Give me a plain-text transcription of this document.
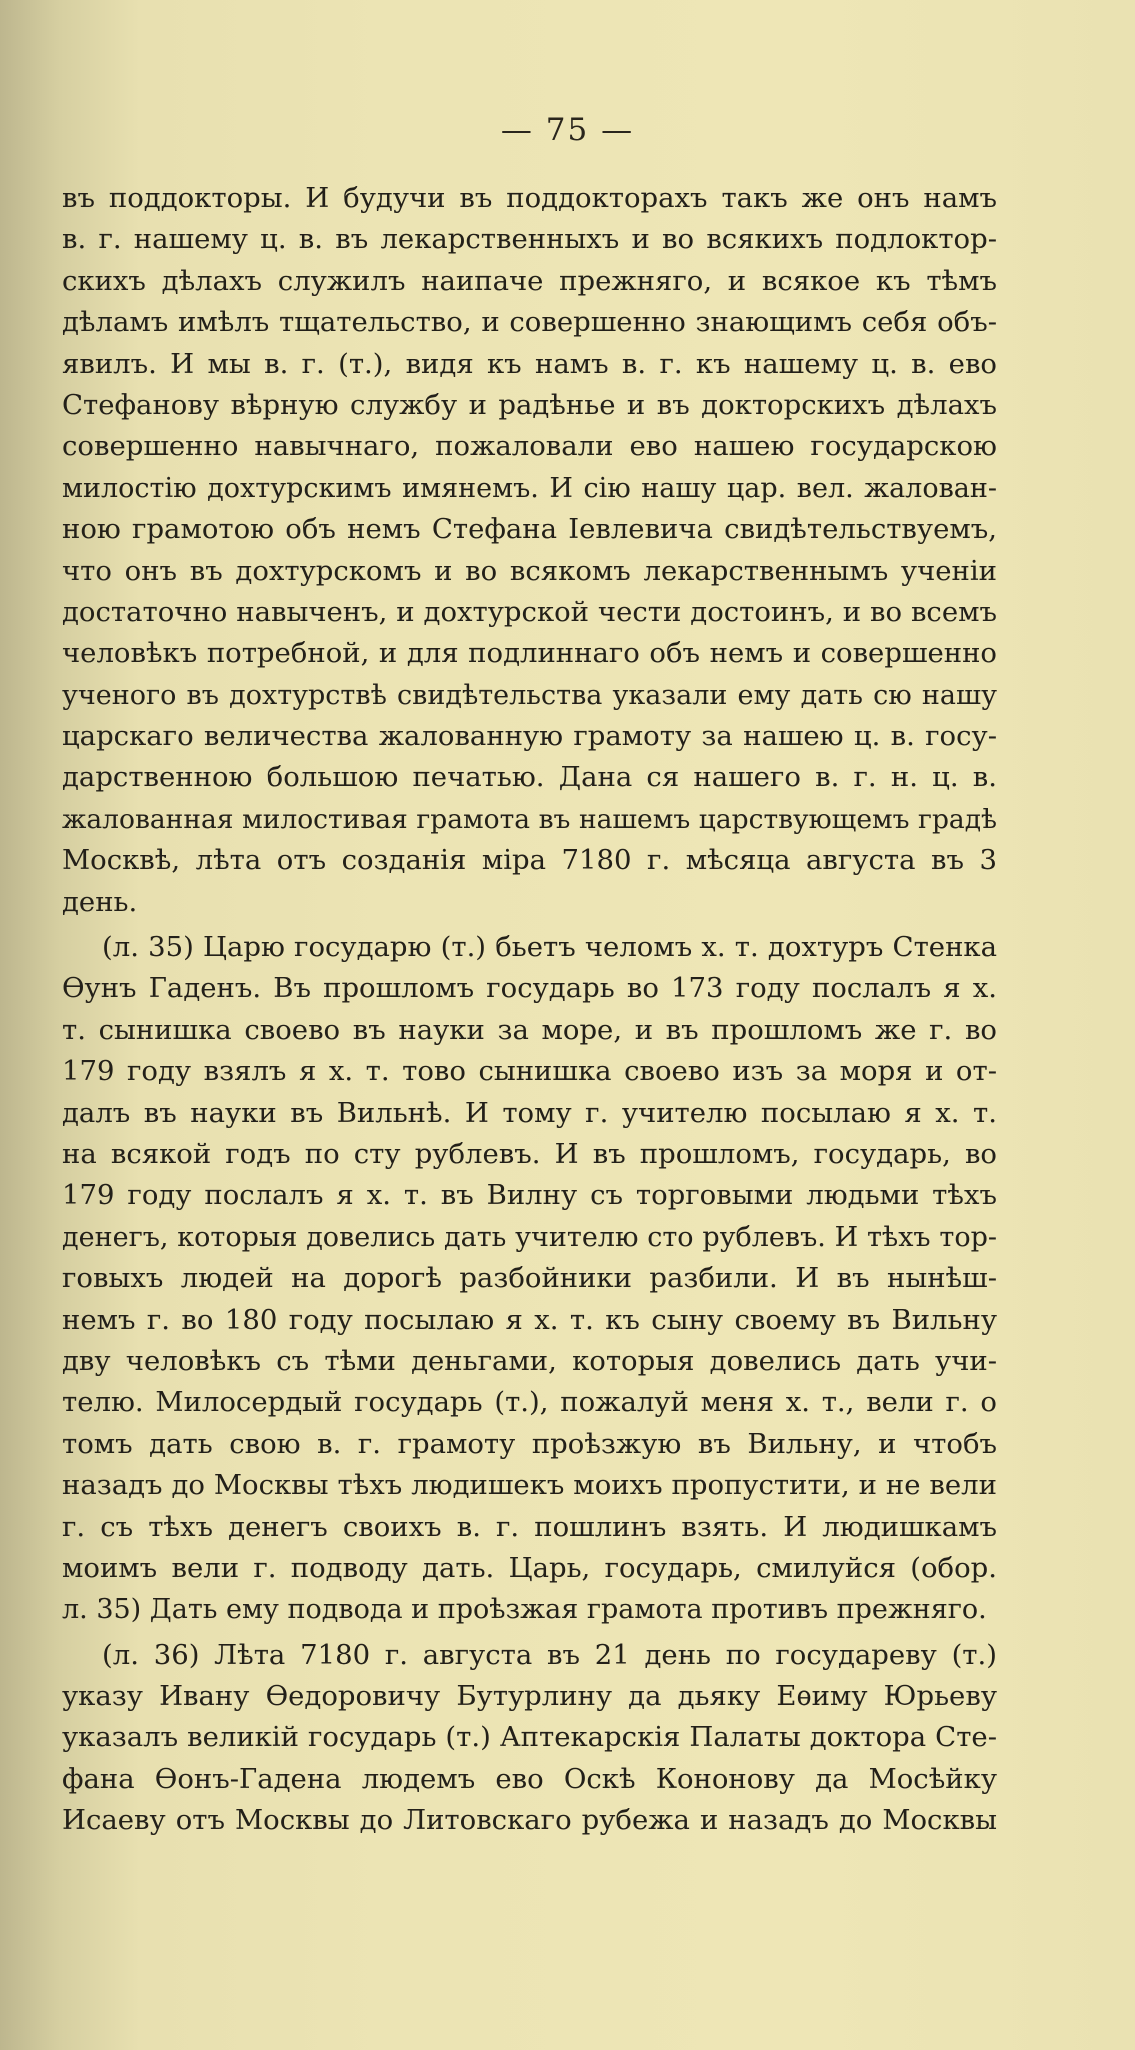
— 75 —
въ поддокторы. И будучи въ поддокторахъ такъ же онъ намъ
в. г. нашему ц. в. въ лекарственныхъ и во всякихъ подлоктор-
скихъ дѣлахъ служилъ наипаче прежняго, и всякое къ тѣмъ
дѣламъ имѣлъ тщательство, и совершенно знающимъ себя объ-
явилъ. И мы в. г. (т.), видя къ намъ в. г. къ нашему ц. в. ево
Стефанову вѣрную службу и радѣнье и въ докторскихъ дѣлахъ
совершенно навычнаго, пожаловали ево нашею государскою
милостію дохтурскимъ имянемъ. И сію нашу цар. вел. жалован-
ною грамотою объ немъ Стефана Іевлевича свидѣтельствуемъ,
что онъ въ дохтурскомъ и во всякомъ лекарственнымъ ученіи
достаточно навыченъ, и дохтурской чести достоинъ, и во всемъ
человѣкъ потребной, и для подлиннаго объ немъ и совершенно
ученого въ дохтурствѣ свидѣтельства указали ему дать сю нашу
царскаго величества жалованную грамоту за нашею ц. в. госу-
дарственною большою печатью. Дана ся нашего в. г. н. ц. в.
жалованная милостивая грамота въ нашемъ царствующемъ градѣ
Москвѣ, лѣта отъ созданія міра 7180 г. мѣсяца августа въ 3
день.
(л. 35) Царю государю (т.) бьетъ челомъ х. т. дохтуръ Стенка
Өунъ Гаденъ. Въ прошломъ государь во 173 году послалъ я х.
т. сынишка своево въ науки за море, и въ прошломъ же г. во
179 году взялъ я х. т. тово сынишка своево изъ за моря и от-
далъ въ науки въ Вильнѣ. И тому г. учителю посылаю я х. т.
на всякой годъ по сту рублевъ. И въ прошломъ, государь, во
179 году послалъ я х. т. въ Вилну съ торговыми людьми тѣхъ
денегъ, которыя довелись дать учителю сто рублевъ. И тѣхъ тор-
говыхъ людей на дорогѣ разбойники разбили. И въ нынѣш-
немъ г. во 180 году посылаю я х. т. къ сыну своему въ Вильну
дву человѣкъ съ тѣми деньгами, которыя довелись дать учи-
телю. Милосердый государь (т.), пожалуй меня х. т., вели г. о
томъ дать свою в. г. грамоту проѣзжую въ Вильну, и чтобъ
назадъ до Москвы тѣхъ людишекъ моихъ пропустити, и не вели
г. съ тѣхъ денегъ своихъ в. г. пошлинъ взять. И людишкамъ
моимъ вели г. подводу дать. Царь, государь, смилуйся (обор.
л. 35) Дать ему подвода и проѣзжая грамота противъ прежняго.
(л. 36) Лѣта 7180 г. августа въ 21 день по государеву (т.)
указу Ивану Өедоровичу Бутурлину да дьяку Еѳиму Юрьеву
указалъ великій государь (т.) Аптекарскія Палаты доктора Сте-
фана Өонъ-Гадена людемъ ево Оскѣ Кононову да Мосѣйку
Исаеву отъ Москвы до Литовскаго рубежа и назадъ до Москвы
